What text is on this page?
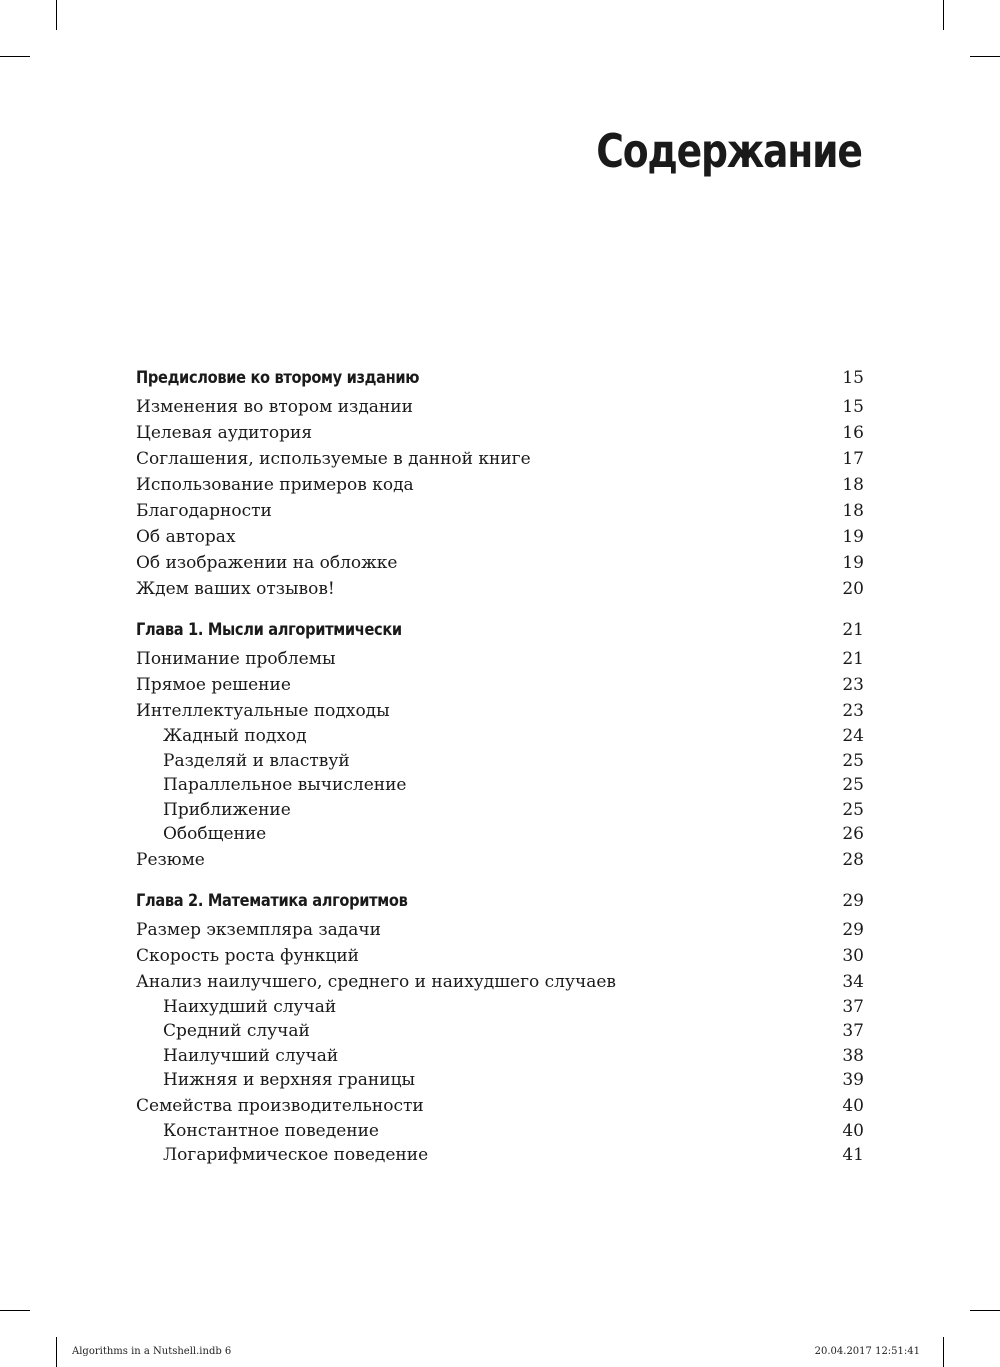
Содержание
Предисловие ко второму изданию	15
Изменения во втором издании	15
Целевая аудитория	16
Соглашения, используемые в данной книге	17
Использование примеров кода	18
Благодарности	18
Об авторах	19
Об изображении на обложке	19
Ждем ваших отзывов!	20
Глава 1. Мысли алгоритмически	21
Понимание проблемы	21
Прямое решение	23
Интеллектуальные подходы	23
Жадный подход	24
Разделяй и властвуй	25
Параллельное вычисление	25
Приближение	25
Обобщение	26
Резюме	28
Глава 2. Математика алгоритмов	29
Размер экземпляра задачи	29
Скорость роста функций	30
Анализ наилучшего, среднего и наихудшего случаев	34
Наихудший случай	37
Средний случай	37
Наилучший случай	38
Нижняя и верхняя границы	39
Семейства производительности	40
Константное поведение	40
Логарифмическое поведение	41
Algorithms in a Nutshell.indb 6	20.04.2017 12:51:41
